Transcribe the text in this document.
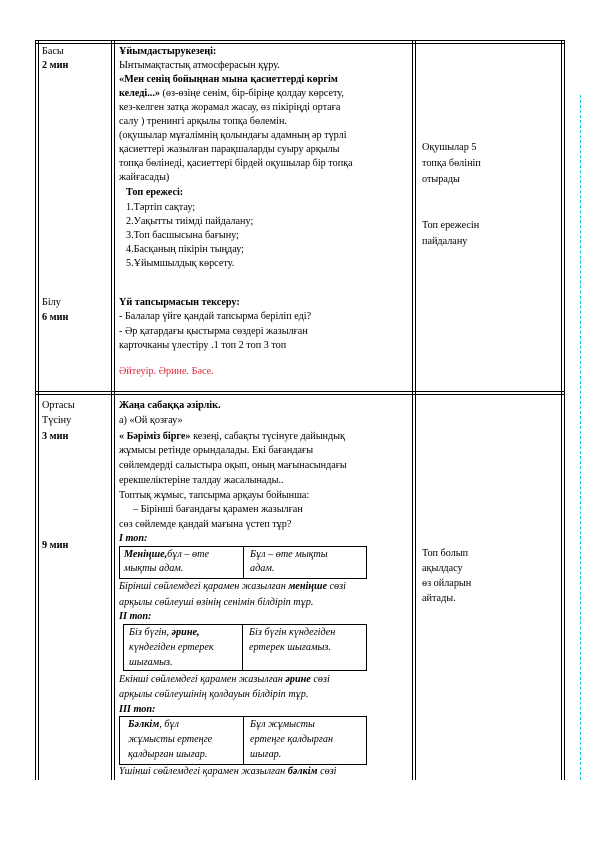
Басы
2 мин
Білу
6 мин
Ұйымдастырукезеңі:
Ынтымақтастық атмосферасын құру.
«Мен сенің бойыңнан мына қасиеттерді көргім
келеді...» (өз-өзіңе сенім, бір-біріңе қолдау көрсету,
кез-келген затқа жорамал жасау, өз пікіріңді ортаға
салу ) тренингі арқылы топқа бөлемін.
(оқушылар мұғалімнің қолындағы адамның әр түрлі
қасиеттері жазылған парақшаларды суыру арқылы
топқа бөлінеді, қасиеттері бірдей оқушылар бір топқа
жайғасады)
Топ ережесі:
1.Тәртіп сақтау;
2.Уақытты тиімді пайдалану;
3.Топ басшысына бағыну;
4.Басқаның пікірін тыңдау;
5.Ұйымшылдық көрсету.
Үй тапсырмасын тексеру:
- Балалар үйге қандай тапсырма берілiп едi?
- Әр қатардағы қыстырма сөздері жазылған
карточканы үлестіру .1 топ 2 топ 3 топ
Әйтеуір. Әрине. Бәсе.
Оқушылар 5
топқа бөлініп
отырады
Топ ережесін
пайдалану
Ортасы
Түсіну
3 мин
9 мин
Жаңа сабаққа әзірлік.
а) «Ой қозғау»
« Бәріміз бірге» кезеңі, сабақты түсінуге дайындық
жұмысы ретінде орындалады. Екі бағандағы
сөйлемдерді салыстыра оқып, оның мағынасындағы
ерекшеліктеріне талдау жасалынады..
Топтық жұмыс, тапсырма арқауы бойынша:
– Бірінші бағандағы қарамен жазылған
сөз сөйлемде қандай мағына үстеп тұр?
I топ:
Меніңше,бұл – өте
мықты адам.
Бұл – өте мықты
адам.
Бірінші сөйлемдегі қарамен жазылған меніңше сөзі
арқылы сөйлеуші өзінің сенімін білдіріп тұр.
II топ:
Біз бүгін, әрине,
күндегіден ертерек
шығамыз.
Біз бүгін күндегіден
ертерек шығамыз.
Екінші сөйлемдегі қарамен жазылған әрине сөзі
арқылы сөйлеушінің қолдауын білдіріп тұр.
III топ:
Бәлкім, бұл
жұмысты ертеңге
қалдырған шығар.
Бұл жұмысты
ертеңге қалдырған
шығар.
Үшінші сөйлемдегі қарамен жазылған бәлкім сөзі
Топ болып
ақылдасу
өз ойларын
айтады.
